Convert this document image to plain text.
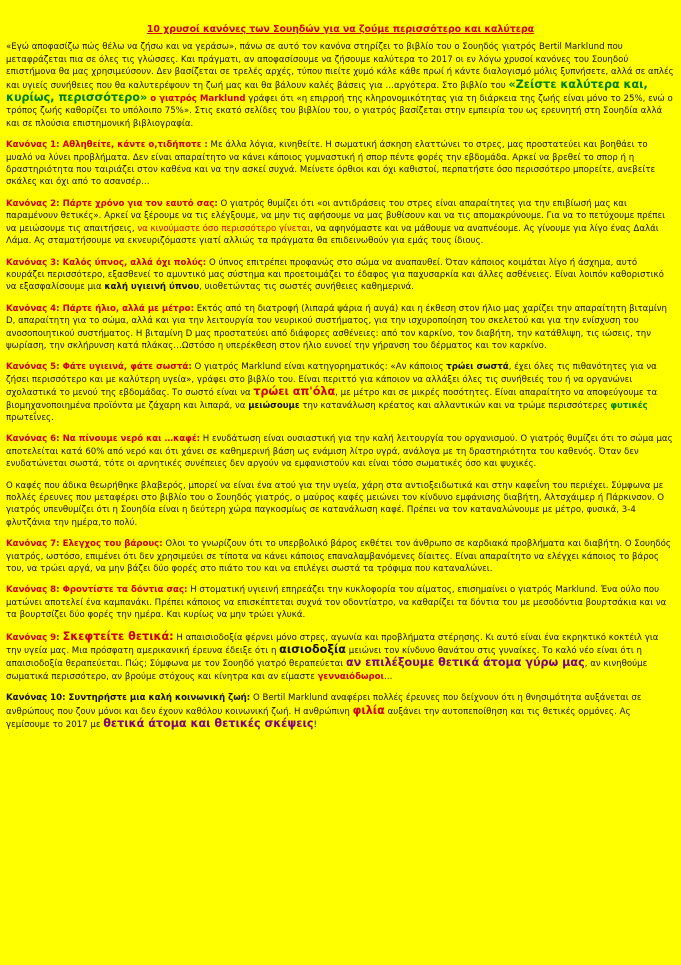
10 χρυσοί κανόνες των Σουηδών για να ζούμε περισσότερο και καλύτερα

«Εγώ αποφασίζω πώς θέλω να ζήσω και να γεράσω», πάνω σε αυτό τον κανόνα στηρίζει το βιβλίο του ο Σουηδός γιατρός Bertil Marklund που μεταφράζεται πια σε όλες τις γλώσσες. Και πράγματι, αν αποφασίσουμε να ζήσουμε καλύτερα το 2017 οι εν λόγω χρυσοί κανόνες του Σουηδού επιστήμονα θα μας χρησιμεύσουν. Δεν βασίζεται σε τρελές αρχές, τύπου πιείτε χυμό κάλε κάθε πρωί ή κάντε διαλογισμό μόλις ξυπνήσετε, αλλά σε απλές και υγιείς συνήθειες που θα καλυτερέψουν τη ζωή μας και θα βάλουν καλές βάσεις για …αργότερα. Στο βιβλίο του «Ζείστε καλύτερα και, κυρίως, περισσότερο» ο γιατρός Marklund γράφει ότι «η επιρροή της κληρονομικότητας για τη διάρκεια της ζωής είναι μόνο το 25%, ενώ ο τρόπος ζωής καθορίζει το υπόλοιπο 75%». Στις εκατό σελίδες του βιβλίου του, ο γιατρός βασίζεται στην εμπειρία του ως ερευνητή στη Σουηδία αλλά και σε πλούσια επιστημονική βιβλιογραφία.

Κανόνας 1: Αθληθείτε, κάντε ο,τιδήποτε : Με άλλα λόγια, κινηθείτε. Η σωματική άσκηση ελαττώνει το στρες, μας προστατεύει και βοηθάει το μυαλό να λύνει προβλήματα. Δεν είναι απαραίτητο να κάνει κάποιος γυμναστική ή σπορ πέντε φορές την εβδομάδα. Αρκεί να βρεθεί το σπορ ή η δραστηριότητα που ταιριάζει στον καθένα και να την ασκεί συχνά. Μείνετε όρθιοι και όχι καθιστοί, περπατήστε όσο περισσότερο μπορείτε, ανεβείτε σκάλες και όχι από το ασανσέρ…

Κανόνας 2: Πάρτε χρόνο για τον εαυτό σας: Ο γιατρός θυμίζει ότι «οι αντιδράσεις του στρες είναι απαραίτητες για την επιβίωσή μας και παραμένουν θετικές». Αρκεί να ξέρουμε να τις ελέγξουμε, να μην τις αφήσουμε να μας βυθίσουν και να τις απομακρύνουμε. Για να το πετύχουμε πρέπει να μειώσουμε τις απαιτήσεις, να κινούμαστε όσο περισσότερο γίνεται, να αφηνόμαστε και να μάθουμε να αναπνέουμε. Ας γίνουμε για λίγο ένας Δαλάι Λάμα. Ας σταματήσουμε να εκνευριζόμαστε γιατί αλλιώς τα πράγματα θα επιδεινωθούν για εμάς τους ίδιους.

Κανόνας 3: Καλός ύπνος, αλλά όχι πολύς: Ο ύπνος επιτρέπει προφανώς στο σώμα να αναπαυθεί. Όταν κάποιος κοιμάται λίγο ή άσχημα, αυτό κουράζει περισσότερο, εξασθενεί το αμυντικό μας σύστημα και προετοιμάζει το έδαφος για παχυσαρκία και άλλες ασθένειες. Είναι λοιπόν καθοριστικό να εξασφαλίσουμε μια καλή υγιεινή ύπνου, υιοθετώντας τις σωστές συνήθειες καθημερινά.

Κανόνας 4: Πάρτε ήλιο, αλλά με μέτρο: Εκτός από τη διατροφή (λιπαρά ψάρια ή αυγά) και η έκθεση στον ήλιο μας χαρίζει την απαραίτητη βιταμίνη D, απαραίτητη για το σώμα, αλλά και για την λειτουργία του νευρικού συστήματος, για την ισχυροποίηση του σκελετού και για την ενίσχυση του ανοσοποιητικού συστήματος. Η βιταμίνη D μας προστατεύει από διάφορες ασθένειες: από τον καρκίνο, τον διαβήτη, την κατάθλιψη, τις ιώσεις, την ψωρίαση, την σκλήρυνση κατά πλάκας…Ωστόσο η υπερέκθεση στον ήλιο ευνοεί την γήρανση του δέρματος και τον καρκίνο.

Κανόνας 5: Φάτε υγιεινά, φάτε σωστά: Ο γιατρός Marklund είναι κατηγορηματικός: «Αν κάποιος τρώει σωστά, έχει όλες τις πιθανότητες για να ζήσει περισσότερο και με καλύτερη υγεία», γράφει στο βιβλίο του. Είναι περιττό για κάποιον να αλλάξει όλες τις συνήθειές του ή να οργανώνει σχολαστικά το μενού της εβδομάδας. Το σωστό είναι να τρώει απ'όλα, με μέτρο και σε μικρές ποσότητες. Είναι απαραίτητο να αποφεύγουμε τα βιομηχανοποιημένα προϊόντα με ζάχαρη και λιπαρά, να μειώσουμε την κατανάλωση κρέατος και αλλαντικών και να τρώμε περισσότερες φυτικές πρωτεΐνες.

Κανόνας 6: Να πίνουμε νερό και …καφέ: Η ενυδάτωση είναι ουσιαστική για την καλή λειτουργία του οργανισμού. Ο γιατρός θυμίζει ότι το σώμα μας αποτελείται κατά 60% από νερό και ότι χάνει σε καθημερινή βάση ως ενάμιση λίτρο υγρά, ανάλογα με τη δραστηριότητα του καθενός. Όταν δεν ενυδατώνεται σωστά, τότε οι αρνητικές συνέπειες δεν αργούν να εμφανιστούν και είναι τόσο σωματικές όσο και ψυχικές.

Ο καφές που άδικα θεωρήθηκε βλαβερός, μπορεί να είναι ένα ατού για την υγεία, χάρη στα αντιοξειδωτικά και στην καφεΐνη του περιέχει. Σύμφωνα με πολλές έρευνες που μεταφέρει στο βιβλίο του ο Σουηδός γιατρός, ο μαύρος καφές μειώνει τον κίνδυνο εμφάνισης διαβήτη, Αλτσχάιμερ ή Πάρκινσον. Ο γιατρός υπενθυμίζει ότι η Σουηδία είναι η δεύτερη χώρα παγκοσμίως σε κατανάλωση καφέ. Πρέπει να τον καταναλώνουμε με μέτρο, φυσικά, 3-4 φλυτζάνια την ημέρα,το πολύ.

Κανόνας 7: Ελεγχος του βάρους: Ολοι το γνωρίζουν ότι το υπερβολικό βάρος εκθέτει τον άνθρωπο σε καρδιακά προβλήματα και διαβήτη. Ο Σουηδός γιατρός, ωστόσο, επιμένει ότι δεν χρησιμεύει σε τίποτα να κάνει κάποιος επαναλαμβανόμενες δίαιτες. Είναι απαραίτητο να ελέγχει κάποιος το βάρος του, να τρώει αργά, να μην βάζει δύο φορές στο πιάτο του και να επιλέγει σωστά τα τρόφιμα που καταναλώνει.

Κανόνας 8: Φροντίστε τα δόντια σας: Η στοματική υγιεινή επηρεάζει την κυκλοφορία του αίματος, επισημαίνει ο γιατρός Marklund. Ένα ούλο που ματώνει αποτελεί ένα καμπανάκι. Πρέπει κάποιος να επισκέπτεται συχνά τον οδοντίατρο, να καθαρίζει τα δόντια του με μεσοδόντια βουρτσάκια και να τα βουρτσίζει δύο φορές την ημέρα. Και κυρίως να μην τρώει γλυκά.

Κανόνας 9: Σκεφτείτε θετικά: Η απαισιοδοξία φέρνει μόνο στρες, αγωνία και προβλήματα στέρησης. Κι αυτό είναι ένα εκρηκτικό κοκτέιλ για την υγεία μας. Μια πρόσφατη αμερικανική έρευνα έδειξε ότι η αισιοδοξία μειώνει τον κίνδυνο θανάτου στις γυναίκες. Το καλό νέο είναι ότι η απαισιοδοξία θεραπεύεται. Πώς; Σύμφωνα με τον Σουηδό γιατρό θεραπεύεται αν επιλέξουμε θετικά άτομα γύρω μας, αν κινηθούμε σωματικά περισσότερο, αν βρούμε στόχους και κίνητρα και αν είμαστε γενναιόδωροι…

Κανόνας 10: Συντηρήστε μια καλή κοινωνική ζωή: Ο Bertil Marklund αναφέρει πολλές έρευνες που δείχνουν ότι η θνησιμότητα αυξάνεται σε ανθρώπους που ζουν μόνοι και δεν έχουν καθόλου κοινωνική ζωή. Η ανθρώπινη φιλία αυξάνει την αυτοπεποίθηση και τις θετικές ορμόνες. Ας γεμίσουμε το 2017 με θετικά άτομα και θετικές σκέψεις!
